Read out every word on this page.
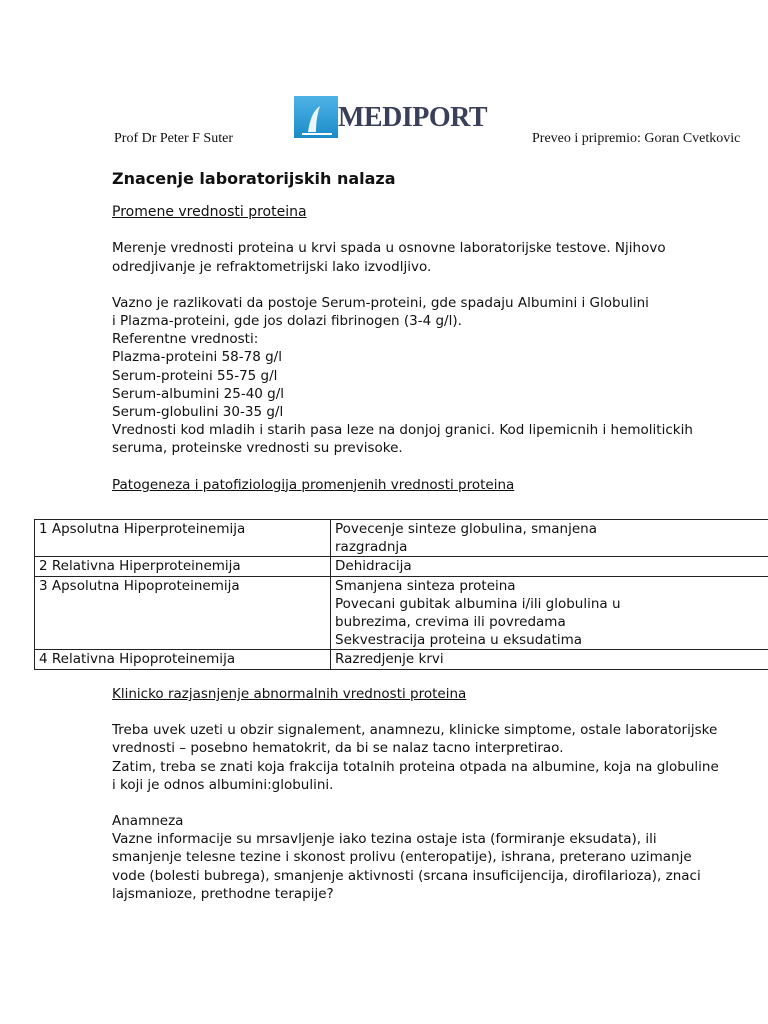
Prof Dr Peter F Suter
MEDIPORT
Preveo i pripremio: Goran Cvetkovic
Znacenje laboratorijskih nalaza
Promene vrednosti proteina

Merenje vrednosti proteina u krvi spada u osnovne laboratorijske testove. Njihovo

odredjivanje je refraktometrijski lako izvodljivo.

Vazno je razlikovati da postoje Serum-proteini, gde spadaju Albumini i Globulini

i Plazma-proteini, gde jos dolazi fibrinogen (3-4 g/l).

Referentne vrednosti:

Plazma-proteini 58-78 g/l

Serum-proteini 55-75 g/l

Serum-albumini 25-40 g/l

Serum-globulini 30-35 g/l

Vrednosti kod mladih i starih pasa leze na donjoj granici. Kod lipemicnih i hemolitickih

seruma, proteinske vrednosti su previsoke.

Patogeneza i patofiziologija promenjenih vrednosti proteina

1 Apsolutna Hiperproteinemija	Povecenje sinteze globulina, smanjena
razgradnja

2 Relativna Hiperproteinemija	Dehidracija

3 Apsolutna Hipoproteinemija	Smanjena sinteza proteina
Povecani gubitak albumina i/ili globulina u
bubrezima, crevima ili povredama
Sekvestracija proteina u eksudatima

4 Relativna Hipoproteinemija	Razredjenje krvi

Klinicko razjasnjenje abnormalnih vrednosti proteina

Treba uvek uzeti u obzir signalement, anamnezu, klinicke simptome, ostale laboratorijske

vrednosti – posebno hematokrit, da bi se nalaz tacno interpretirao.

Zatim, treba se znati koja frakcija totalnih proteina otpada na albumine, koja na globuline

i koji je odnos albumini:globulini.

Anamneza

Vazne informacije su mrsavljenje iako tezina ostaje ista (formiranje eksudata), ili

smanjenje telesne tezine i skonost prolivu (enteropatije), ishrana, preterano uzimanje

vode (bolesti bubrega), smanjenje aktivnosti (srcana insuficijencija, dirofilarioza), znaci

lajsmanioze, prethodne terapije?
